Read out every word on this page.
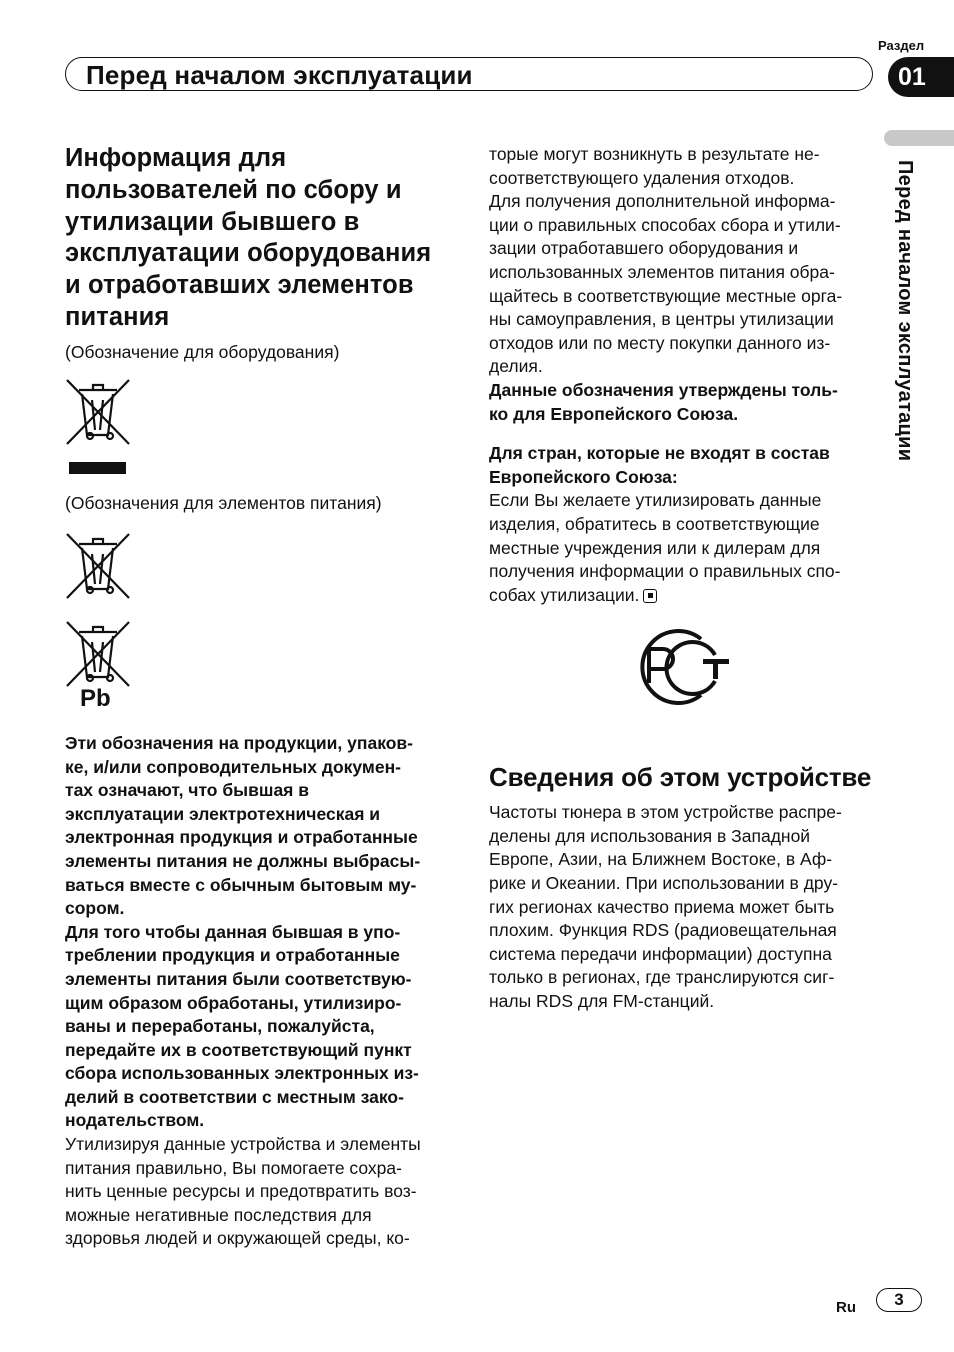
Раздел
01
Перед началом эксплуатации
Перед началом эксплуатации
Информация для
пользователей по сбору и
утилизации бывшего в
эксплуатации оборудования
и отработавших элементов
питания
(Обозначение для оборудования)
(Обозначения для элементов питания)
Pb
Эти обозначения на продукции, упаков-
ке, и/или сопроводительных докумен-
тах означают, что бывшая в
эксплуатации электротехническая и
электронная продукция и отработанные
элементы питания не должны выбрасы-
ваться вместе с обычным бытовым му-
сором.
Для того чтобы данная бывшая в упо-
треблении продукция и отработанные
элементы питания были соответствую-
щим образом обработаны, утилизиро-
ваны и переработаны, пожалуйста,
передайте их в соответствующий пункт
сбора использованных электронных из-
делий в соответствии с местным зако-
нодательством.
Утилизируя данные устройства и элементы
питания правильно, Вы помогаете сохра-
нить ценные ресурсы и предотвратить воз-
можные негативные последствия для
здоровья людей и окружающей среды, ко-
торые могут возникнуть в результате не-
соответствующего удаления отходов.
Для получения дополнительной информа-
ции о правильных способах сбора и утили-
зации отработавшего оборудования и
использованных элементов питания обра-
щайтесь в соответствующие местные орга-
ны самоуправления, в центры утилизации
отходов или по месту покупки данного из-
делия.
Данные обозначения утверждены толь-
ко для Европейского Союза.
Для стран, которые не входят в состав
Европейского Союза:
Если Вы желаете утилизировать данные
изделия, обратитесь в соответствующие
местные учреждения или к дилерам для
получения информации о правильных спо-
собах утилизации.
Сведения об этом устройстве
Частоты тюнера в этом устройстве распре-
делены для использования в Западной
Европе, Азии, на Ближнем Востоке, в Аф-
рике и Океании. При использовании в дру-
гих регионах качество приема может быть
плохим. Функция RDS (радиовещательная
система передачи информации) доступна
только в регионах, где транслируются сиг-
налы RDS для FM-станций.
Ru	3
